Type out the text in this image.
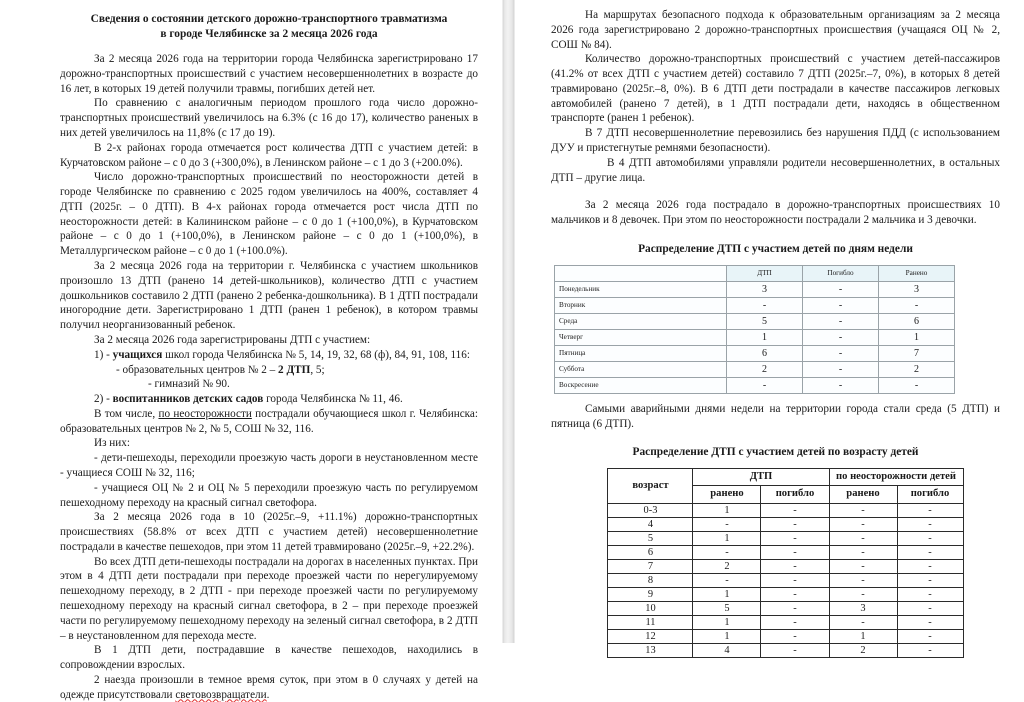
Сведения о состоянии детского дорожно-транспортного травматизма
в городе Челябинске за 2 месяца 2026 года

За 2 месяца 2026 года на территории города Челябинска зарегистрировано 17 дорожно-транспортных происшествий с участием несовершеннолетних в возрасте до 16 лет, в которых 19 детей получили травмы, погибших детей нет.

По сравнению с аналогичным периодом прошлого года число дорожно-транспортных происшествий увеличилось на 6.3% (с 16 до 17), количество раненых в них детей увеличилось на 11,8% (с 17 до 19).

В 2-х районах города отмечается рост количества ДТП с участием детей: в Курчатовском районе – с 0 до 3 (+300,0%), в Ленинском районе – с 1 до 3 (+200.0%).

Число дорожно-транспортных происшествий по неосторожности детей в городе Челябинске по сравнению с 2025 годом увеличилось на 400%, составляет 4 ДТП (2025г. – 0 ДТП). В 4-х районах города отмечается рост числа ДТП по неосторожности детей: в Калининском районе – с 0 до 1 (+100,0%), в Курчатовском районе – с 0 до 1 (+100,0%), в Ленинском районе – с 0 до 1 (+100,0%), в Металлургическом районе – с 0 до 1 (+100.0%).

За 2 месяца 2026 года на территории г. Челябинска с участием школьников произошло 13 ДТП (ранено 14 детей-школьников), количество ДТП с участием дошкольников составило 2 ДТП (ранено 2 ребенка-дошкольника). В 1 ДТП пострадали иногородние дети. Зарегистрировано 1 ДТП (ранен 1 ребенок), в котором травмы получил неорганизованный ребенок.

За 2 месяца 2026 года зарегистрированы ДТП с участием:

1) - учащихся школ города Челябинска № 5, 14, 19, 32, 68 (ф), 84, 91, 108, 116:

- образовательных центров № 2 – 2 ДТП, 5;

- гимназий № 90.

2) - воспитанников детских садов города Челябинска № 11, 46.

В том числе, по неосторожности пострадали обучающиеся школ г. Челябинска: образовательных центров № 2, № 5, СОШ № 32, 116.

Из них:

- дети-пешеходы, переходили проезжую часть дороги в неустановленном месте - учащиеся СОШ № 32, 116;

- учащиеся ОЦ № 2 и ОЦ № 5 переходили проезжую часть по регулируемом пешеходному переходу на красный сигнал светофора.

За 2 месяца 2026 года в 10 (2025г.–9, +11.1%) дорожно-транспортных происшествиях (58.8% от всех ДТП с участием детей) несовершеннолетние пострадали в качестве пешеходов, при этом 11 детей травмировано (2025г.–9, +22.2%).

Во всех ДТП дети-пешеходы пострадали на дорогах в населенных пунктах. При этом в 4 ДТП дети пострадали при переходе проезжей части по нерегулируемому пешеходному переходу, в 2 ДТП - при переходе проезжей части по регулируемому пешеходному переходу на красный сигнал светофора, в 2 – при переходе проезжей части по регулируемому пешеходному переходу на зеленый сигнал светофора, в 2 ДТП – в неустановленном для перехода месте.

В 1 ДТП дети, пострадавшие в качестве пешеходов, находились в сопровождении взрослых.

2 наезда произошли в темное время суток, при этом в 0 случаях у детей на одежде присутствовали световозвращатели.

На маршрутах безопасного подхода к образовательным организациям за 2 месяца 2026 года зарегистрировано 2 дорожно-транспортных происшествия (учащаяся ОЦ № 2, СОШ № 84).

Количество дорожно-транспортных происшествий с участием детей-пассажиров (41.2% от всех ДТП с участием детей) составило 7 ДТП (2025г.–7, 0%), в которых 8 детей травмировано (2025г.–8, 0%). В 6 ДТП дети пострадали в качестве пассажиров легковых автомобилей (ранено 7 детей), в 1 ДТП пострадали дети, находясь в общественном транспорте (ранен 1 ребенок).

В 7 ДТП несовершеннолетние перевозились без нарушения ПДД (с использованием ДУУ и пристегнутые ремнями безопасности).

В 4 ДТП автомобилями управляли родители несовершеннолетних, в остальных ДТП – другие лица.

За 2 месяца 2026 года пострадало в дорожно-транспортных происшествиях 10 мальчиков и 8 девочек. При этом по неосторожности пострадали 2 мальчика и 3 девочки.

Распределение ДТП с участием детей по дням недели
	ДТП	Погибло	Ранено
Понедельник	3	-	3
Вторник	-	-	-
Среда	5	-	6
Четверг	1	-	1
Пятница	6	-	7
Суббота	2	-	2
Воскресение	-	-	-

Самыми аварийными днями недели на территории города стали среда (5 ДТП) и пятница (6 ДТП).

Распределение ДТП с участием детей по возрасту детей
возраст	ДТП		по неосторожности детей	
	ранено	погибло	ранено	погибло
0-3	1	-	-	-
4	-	-	-	-
5	1	-	-	-
6	-	-	-	-
7	2	-	-	-
8	-	-	-	-
9	1	-	-	-
10	5	-	3	-
11	1	-	-	-
12	1	-	1	-
13	4	-	2	-
